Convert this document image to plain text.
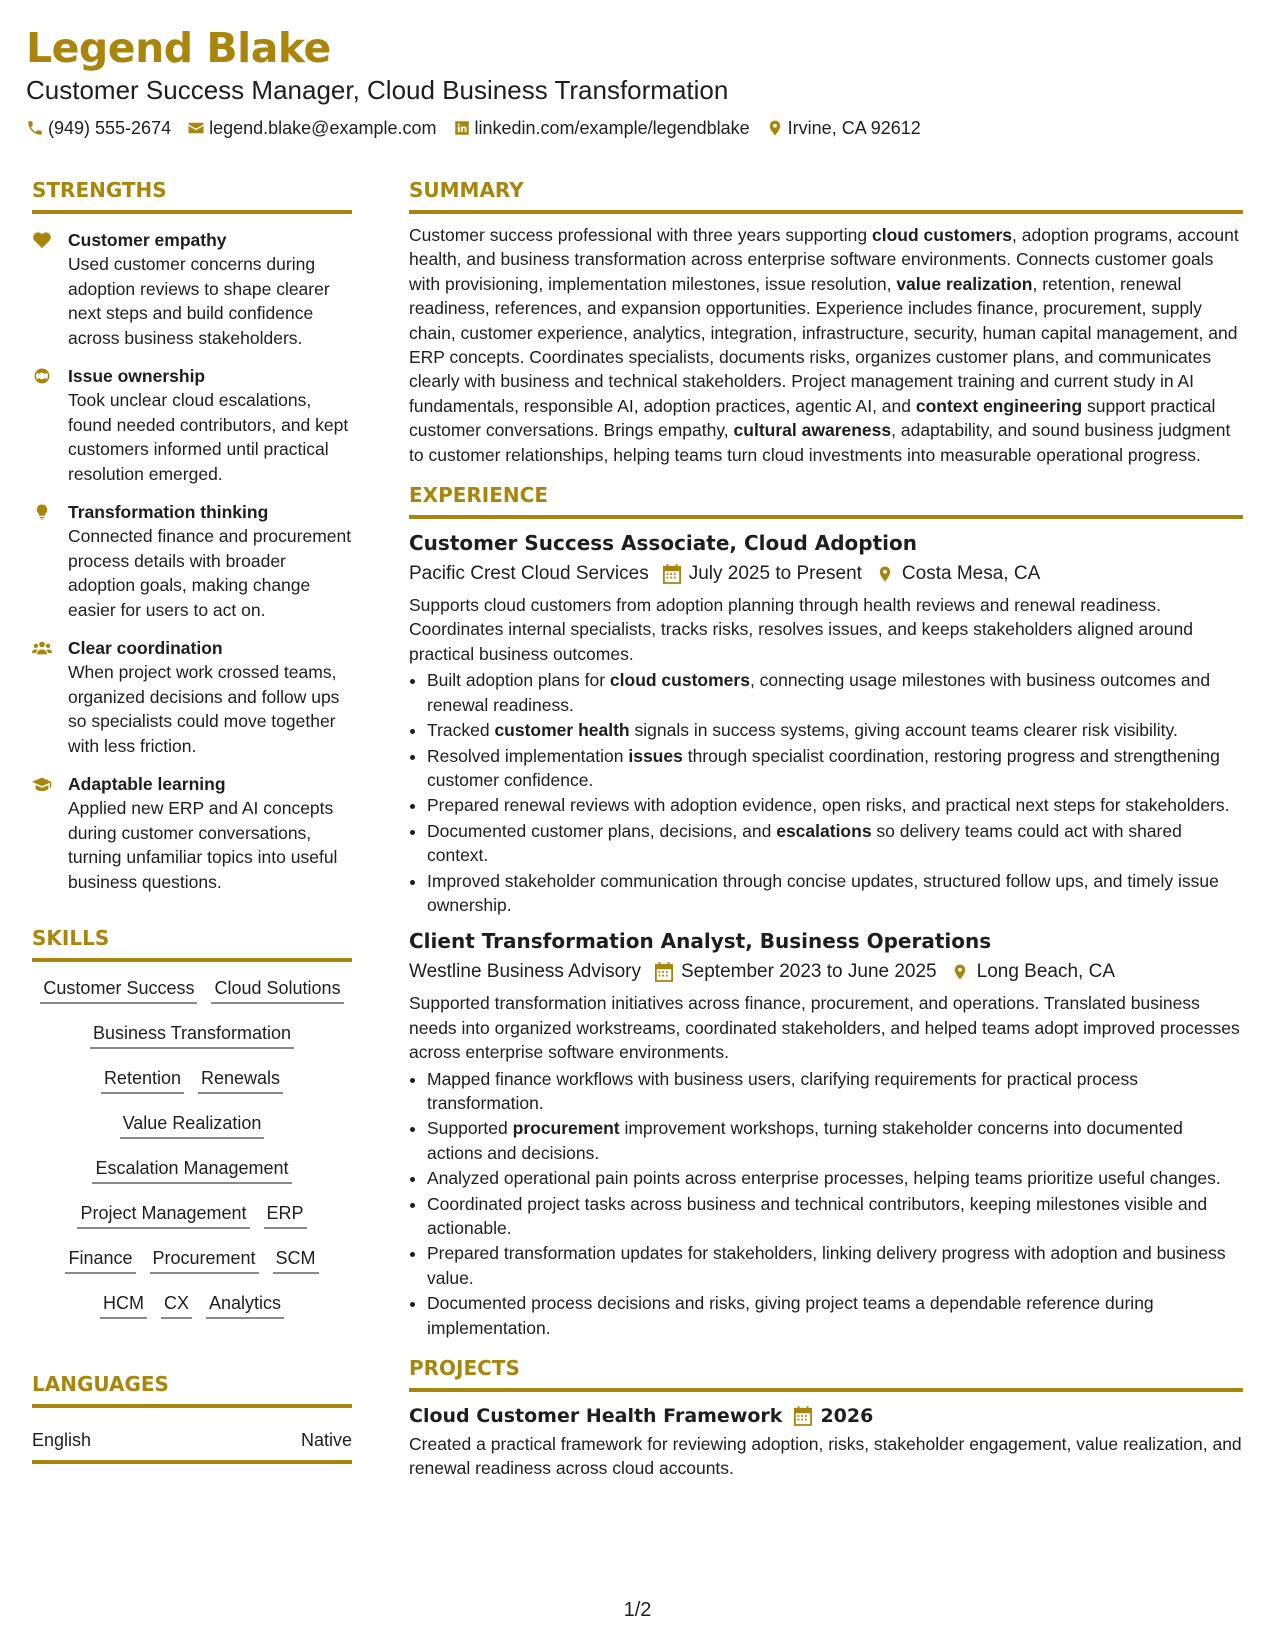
Legend Blake
Customer Success Manager, Cloud Business Transformation
(949) 555-2674 legend.blake@example.com linkedin.com/example/legendblake Irvine, CA 92612
STRENGTHS
Customer empathy
Used customer concerns during adoption reviews to shape clearer next steps and build confidence across business stakeholders.
Issue ownership
Took unclear cloud escalations, found needed contributors, and kept customers informed until practical resolution emerged.
Transformation thinking
Connected finance and procurement process details with broader adoption goals, making change easier for users to act on.
Clear coordination
When project work crossed teams, organized decisions and follow ups so specialists could move together with less friction.
Adaptable learning
Applied new ERP and AI concepts during customer conversations, turning unfamiliar topics into useful business questions.
SKILLS
Customer Success Cloud Solutions
Business Transformation
Retention Renewals
Value Realization
Escalation Management
Project Management ERP
Finance Procurement SCM
HCM CX Analytics
LANGUAGES
English	Native
SUMMARY

Customer success professional with three years supporting cloud customers, adoption programs, account health, and business transformation across enterprise software environments. Connects customer goals with provisioning, implementation milestones, issue resolution, value realization, retention, renewal readiness, references, and expansion opportunities. Experience includes finance, procurement, supply chain, customer experience, analytics, integration, infrastructure, security, human capital management, and ERP concepts. Coordinates specialists, documents risks, organizes customer plans, and communicates clearly with business and technical stakeholders. Project management training and current study in AI fundamentals, responsible AI, adoption practices, agentic AI, and context engineering support practical customer conversations. Brings empathy, cultural awareness, adaptability, and sound business judgment to customer relationships, helping teams turn cloud investments into measurable operational progress.

EXPERIENCE
Customer Success Associate, Cloud Adoption
Pacific Crest Cloud Services July 2025 to Present Costa Mesa, CA

Supports cloud customers from adoption planning through health reviews and renewal readiness. Coordinates internal specialists, tracks risks, resolves issues, and keeps stakeholders aligned around practical business outcomes.

• Built adoption plans for cloud customers, connecting usage milestones with business outcomes and renewal readiness.
• Tracked customer health signals in success systems, giving account teams clearer risk visibility.
• Resolved implementation issues through specialist coordination, restoring progress and strengthening customer confidence.
• Prepared renewal reviews with adoption evidence, open risks, and practical next steps for stakeholders.
• Documented customer plans, decisions, and escalations so delivery teams could act with shared context.
• Improved stakeholder communication through concise updates, structured follow ups, and timely issue ownership.
Client Transformation Analyst, Business Operations
Westline Business Advisory September 2023 to June 2025 Long Beach, CA

Supported transformation initiatives across finance, procurement, and operations. Translated business needs into organized workstreams, coordinated stakeholders, and helped teams adopt improved processes across enterprise software environments.

• Mapped finance workflows with business users, clarifying requirements for practical process transformation.
• Supported procurement improvement workshops, turning stakeholder concerns into documented actions and decisions.
• Analyzed operational pain points across enterprise processes, helping teams prioritize useful changes.
• Coordinated project tasks across business and technical contributors, keeping milestones visible and actionable.
• Prepared transformation updates for stakeholders, linking delivery progress with adoption and business value.
• Documented process decisions and risks, giving project teams a dependable reference during implementation.
PROJECTS
Cloud Customer Health Framework 2026

Created a practical framework for reviewing adoption, risks, stakeholder engagement, value realization, and renewal readiness across cloud accounts.

1/2
